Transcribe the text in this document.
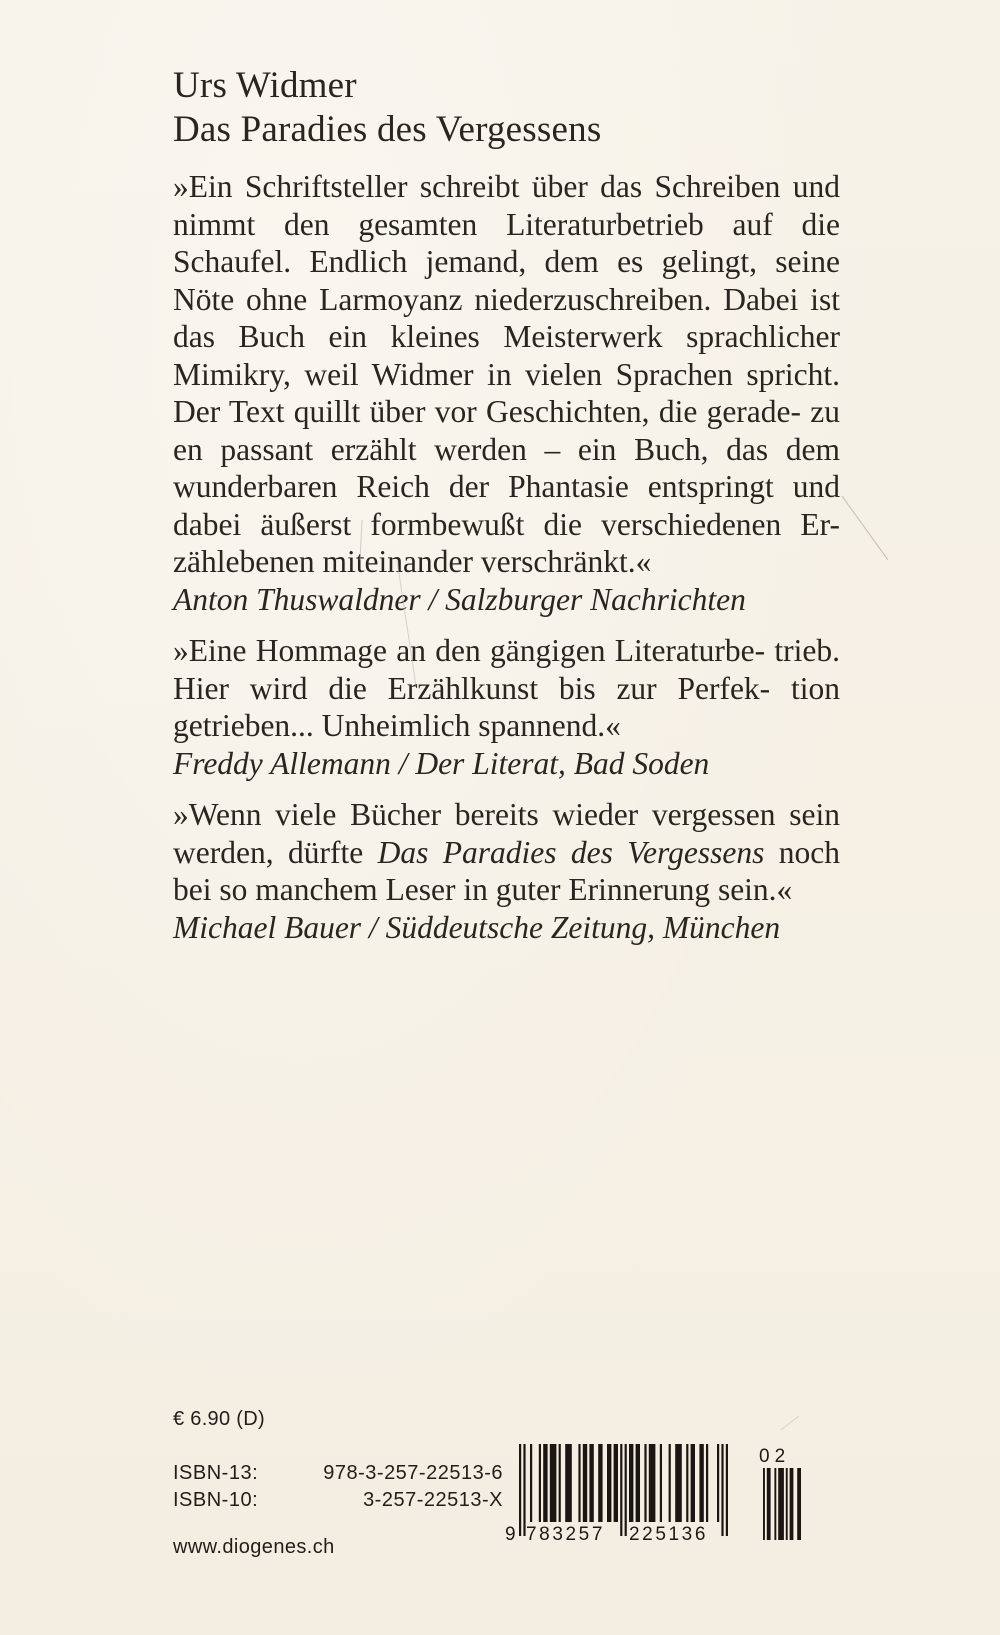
Urs Widmer
Das Paradies des Vergessens

»Ein Schriftsteller schreibt über das Schreiben und nimmt den gesamten Literaturbetrieb auf die Schaufel. Endlich jemand, dem es gelingt, seine Nöte ohne Larmoyanz niederzuschreiben. Dabei ist das Buch ein kleines Meisterwerk sprachlicher Mimikry, weil Widmer in vielen Sprachen spricht. Der Text quillt über vor Geschichten, die gerade- zu en passant erzählt werden – ein Buch, das dem wunderbaren Reich der Phantasie entspringt und dabei äußerst formbewußt die verschiedenen Er- zählebenen miteinander verschränkt.«

Anton Thuswaldner / Salzburger Nachrichten

»Eine Hommage an den gängigen Literaturbe- trieb. Hier wird die Erzählkunst bis zur Perfek- tion getrieben... Unheimlich spannend.«

Freddy Allemann / Der Literat, Bad Soden

»Wenn viele Bücher bereits wieder vergessen sein werden, dürfte Das Paradies des Vergessens noch bei so manchem Leser in guter Erinnerung sein.«

Michael Bauer / Süddeutsche Zeitung, München

€ 6.90 (D)
ISBN-13:	978-3-257-22513-6
ISBN-10:	3-257-22513-X
www.diogenes.ch
9 783257 225136
02
